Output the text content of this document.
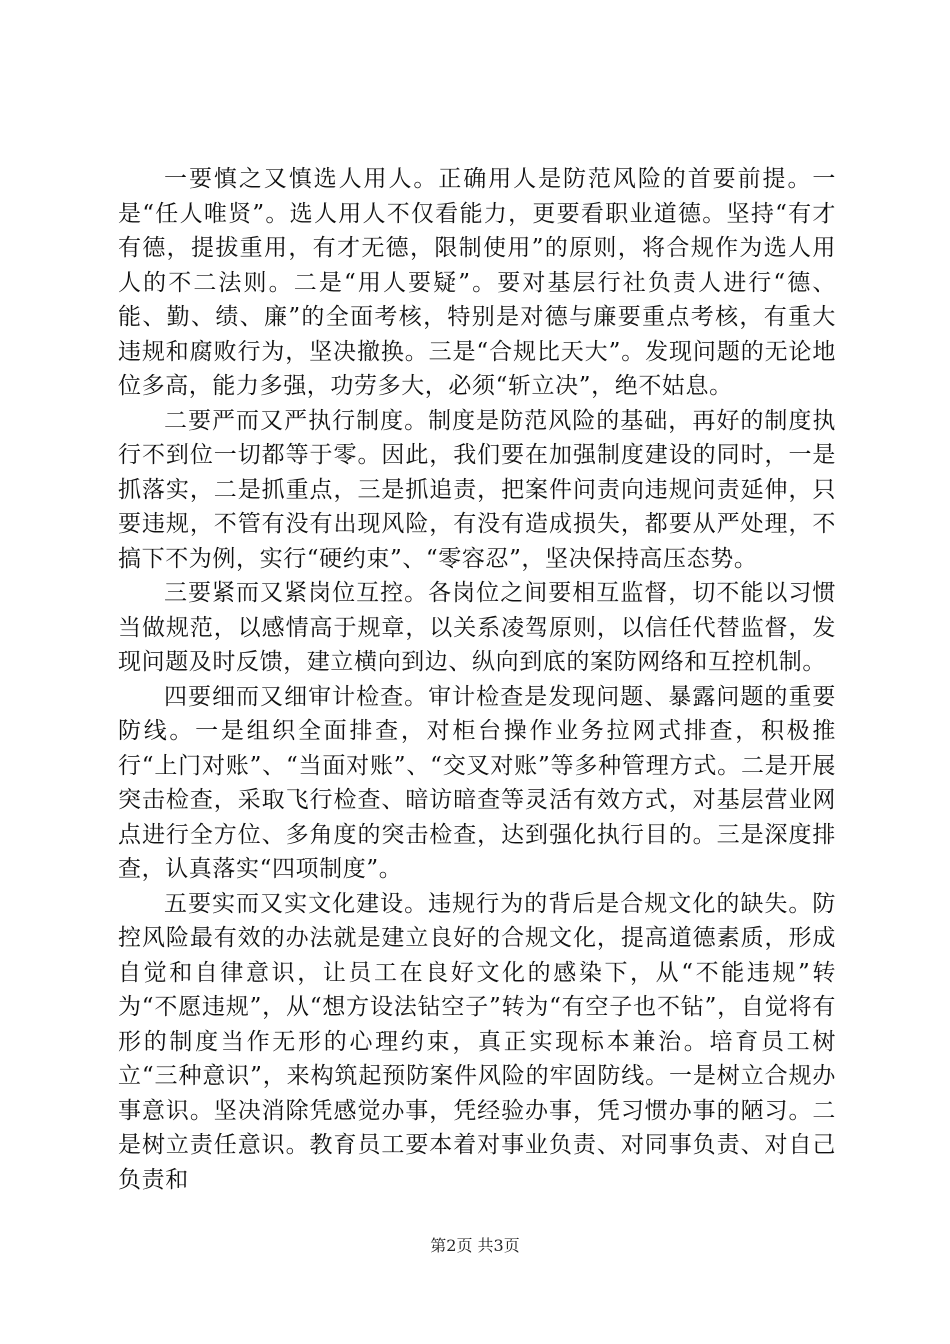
一要慎之又慎选人用人。正确用人是防范风险的首要前提。一是“任人唯贤”。选人用人不仅看能力，更要看职业道德。坚持“有才有德，提拔重用，有才无德，限制使用”的原则，将合规作为选人用人的不二法则。二是“用人要疑”。要对基层行社负责人进行“德、能、勤、绩、廉”的全面考核，特别是对德与廉要重点考核，有重大违规和腐败行为，坚决撤换。三是“合规比天大”。发现问题的无论地位多高，能力多强，功劳多大，必须“斩立决”，绝不姑息。

二要严而又严执行制度。制度是防范风险的基础，再好的制度执行不到位一切都等于零。因此，我们要在加强制度建设的同时，一是抓落实，二是抓重点，三是抓追责，把案件问责向违规问责延伸，只要违规，不管有没有出现风险，有没有造成损失，都要从严处理，不搞下不为例，实行“硬约束”、“零容忍”，坚决保持高压态势。

三要紧而又紧岗位互控。各岗位之间要相互监督，切不能以习惯当做规范，以感情高于规章，以关系凌驾原则，以信任代替监督，发现问题及时反馈，建立横向到边、纵向到底的案防网络和互控机制。

四要细而又细审计检查。审计检查是发现问题、暴露问题的重要防线。一是组织全面排查，对柜台操作业务拉网式排查，积极推行“上门对账”、“当面对账”、“交叉对账”等多种管理方式。二是开展突击检查，采取飞行检查、暗访暗查等灵活有效方式，对基层营业网点进行全方位、多角度的突击检查，达到强化执行目的。三是深度排查，认真落实“四项制度”。

五要实而又实文化建设。违规行为的背后是合规文化的缺失。防控风险最有效的办法就是建立良好的合规文化，提高道德素质，形成自觉和自律意识，让员工在良好文化的感染下，从“不能违规”转为“不愿违规”，从“想方设法钻空子”转为“有空子也不钻”，自觉将有形的制度当作无形的心理约束，真正实现标本兼治。培育员工树立“三种意识”，来构筑起预防案件风险的牢固防线。一是树立合规办事意识。坚决消除凭感觉办事，凭经验办事，凭习惯办事的陋习。二是树立责任意识。教育员工要本着对事业负责、对同事负责、对自己负责和

第2页 共3页
